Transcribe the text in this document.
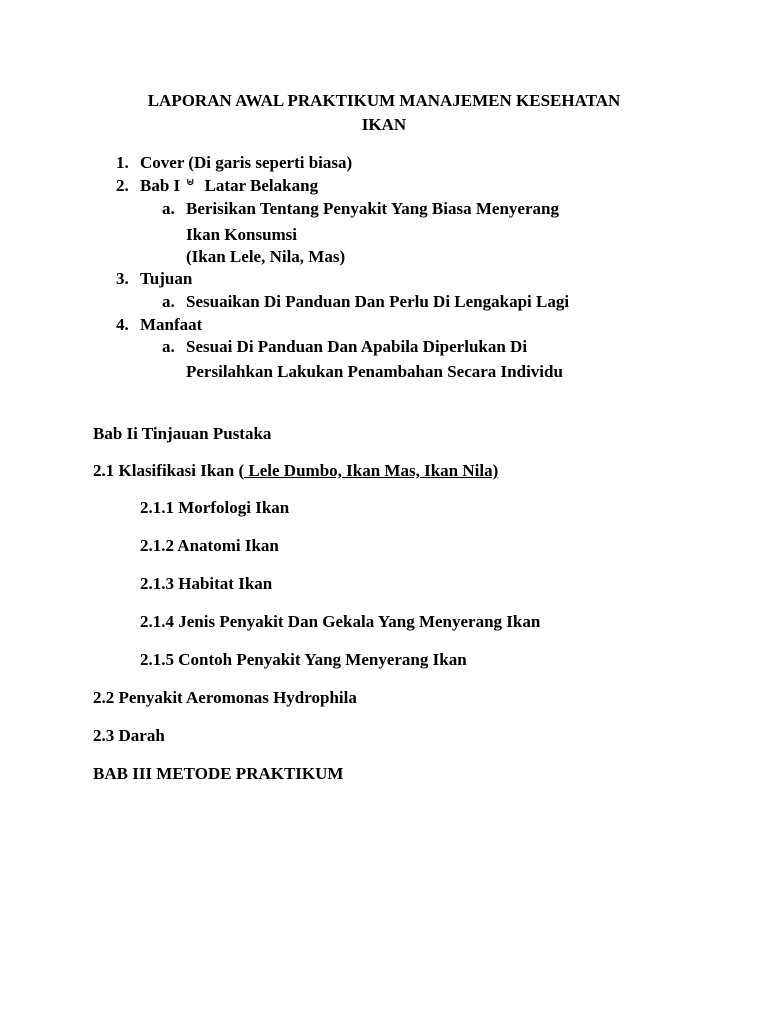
LAPORAN AWAL PRAKTIKUM MANAJEMEN KESEHATAN
IKAN
1. Cover (Di garis seperti biasa)
2. Bab I ⊌ Latar Belakang
a. Berisikan Tentang Penyakit Yang Biasa Menyerang
Ikan Konsumsi
(Ikan Lele, Nila, Mas)
3. Tujuan
a. Sesuaikan Di Panduan Dan Perlu Di Lengakapi Lagi
4. Manfaat
a. Sesuai Di Panduan Dan Apabila Diperlukan Di
Persilahkan Lakukan Penambahan Secara Individu
Bab Ii Tinjauan Pustaka
2.1 Klasifikasi Ikan ( Lele Dumbo, Ikan Mas, Ikan Nila)
2.1.1 Morfologi Ikan
2.1.2 Anatomi Ikan
2.1.3 Habitat Ikan
2.1.4 Jenis Penyakit Dan Gekala Yang Menyerang Ikan
2.1.5 Contoh Penyakit Yang Menyerang Ikan
2.2 Penyakit Aeromonas Hydrophila
2.3 Darah
BAB III METODE PRAKTIKUM
